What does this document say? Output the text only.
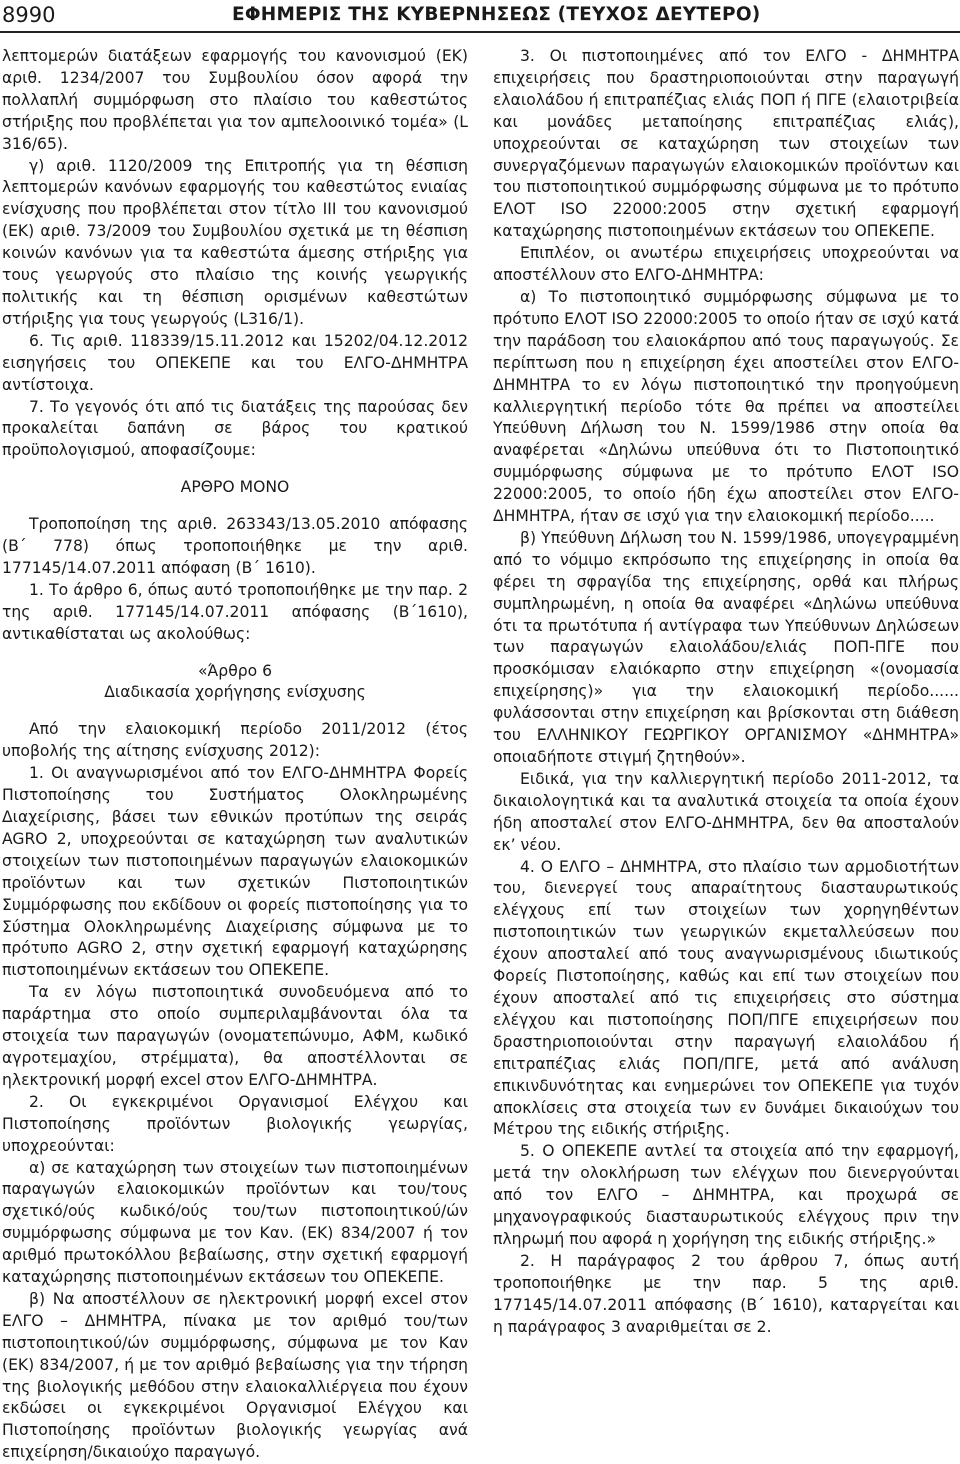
8990	ΕΦΗΜΕΡΙΣ ΤΗΣ ΚΥΒΕΡΝΗΣΕΩΣ (ΤΕΥΧΟΣ ΔΕΥΤΕΡΟ)

λεπτομερών διατάξεων εφαρμογής του κανονισμού (ΕΚ) αριθ. 1234/2007 του Συμβουλίου όσον αφορά την πολλαπλή συμμόρφωση στο πλαίσιο του καθεστώτος στήριξης που προβλέπεται για τον αμπελοοινικό τομέα» (L 316/65).

γ) αριθ. 1120/2009 της Επιτροπής για τη θέσπιση λεπτομερών κανόνων εφαρμογής του καθεστώτος ενιαίας ενίσχυσης που προβλέπεται στον τίτλο III του κανονισμού (ΕΚ) αριθ. 73/2009 του Συμβουλίου σχετικά με τη θέσπιση κοινών κανόνων για τα καθεστώτα άμεσης στήριξης για τους γεωργούς στο πλαίσιο της κοινής γεωργικής πολιτικής και τη θέσπιση ορισμένων καθεστώτων στήριξης για τους γεωργούς (L316/1).

6. Τις αριθ. 118339/15.11.2012 και 15202/04.12.2012 εισηγήσεις του ΟΠΕΚΕΠΕ και του ΕΛΓΟ-ΔΗΜΗΤΡΑ αντίστοιχα.

7. Το γεγονός ότι από τις διατάξεις της παρούσας δεν προκαλείται δαπάνη σε βάρος του κρατικού προϋπολογισμού, αποφασίζουμε:

ΑΡΘΡΟ ΜΟΝΟ

Τροποποίηση της αριθ. 263343/13.05.2010 απόφασης (Β΄ 778) όπως τροποποιήθηκε με την αριθ. 177145/14.07.2011 απόφαση (Β΄ 1610).

1. Το άρθρο 6, όπως αυτό τροποποιήθηκε με την παρ. 2 της αριθ. 177145/14.07.2011 απόφασης (Β΄1610), αντικαθίσταται ως ακολούθως:

«Άρθρο 6

Διαδικασία χορήγησης ενίσχυσης

Από την ελαιοκομική περίοδο 2011/2012 (έτος υποβολής της αίτησης ενίσχυσης 2012):

1. Οι αναγνωρισμένοι από τον ΕΛΓΟ-ΔΗΜΗΤΡΑ Φορείς Πιστοποίησης του Συστήματος Ολοκληρωμένης Διαχείρισης, βάσει των εθνικών προτύπων της σειράς AGRO 2, υποχρεούνται σε καταχώρηση των αναλυτικών στοιχείων των πιστοποιημένων παραγωγών ελαιοκομικών προϊόντων και των σχετικών Πιστοποιητικών Συμμόρφωσης που εκδίδουν οι φορείς πιστοποίησης για το Σύστημα Ολοκληρωμένης Διαχείρισης σύμφωνα με το πρότυπο AGRO 2, στην σχετική εφαρμογή καταχώρησης πιστοποιημένων εκτάσεων του ΟΠΕΚΕΠΕ.

Τα εν λόγω πιστοποιητικά συνοδευόμενα από το παράρτημα στο οποίο συμπεριλαμβάνονται όλα τα στοιχεία των παραγωγών (ονοματεπώνυμο, ΑΦΜ, κωδικό αγροτεμαχίου, στρέμματα), θα αποστέλλονται σε ηλεκτρονική μορφή excel στον ΕΛΓΟ-ΔΗΜΗΤΡΑ.

2. Οι εγκεκριμένοι Οργανισμοί Ελέγχου και Πιστοποίησης προϊόντων βιολογικής γεωργίας, υποχρεούνται:

α) σε καταχώρηση των στοιχείων των πιστοποιημένων παραγωγών ελαιοκομικών προϊόντων και του/τους σχετικό/ούς κωδικό/ούς του/των πιστοποιητικού/ών συμμόρφωσης σύμφωνα με τον Καν. (ΕΚ) 834/2007 ή τον αριθμό πρωτοκόλλου βεβαίωσης, στην σχετική εφαρμογή καταχώρησης πιστοποιημένων εκτάσεων του ΟΠΕΚΕΠΕ.

β) Να αποστέλλουν σε ηλεκτρονική μορφή excel στον ΕΛΓΟ – ΔΗΜΗΤΡΑ, πίνακα με τον αριθμό του/των πιστοποιητικού/ών συμμόρφωσης, σύμφωνα με τον Καν (ΕΚ) 834/2007, ή με τον αριθμό βεβαίωσης για την τήρηση της βιολογικής μεθόδου στην ελαιοκαλλιέργεια που έχουν εκδώσει οι εγκεκριμένοι Οργανισμοί Ελέγχου και Πιστοποίησης προϊόντων βιολογικής γεωργίας ανά επιχείρηση/δικαιούχο παραγωγό.

3. Οι πιστοποιημένες από τον ΕΛΓΟ - ΔΗΜΗΤΡΑ επιχειρήσεις που δραστηριοποιούνται στην παραγωγή ελαιολάδου ή επιτραπέζιας ελιάς ΠΟΠ ή ΠΓΕ (ελαιοτριβεία και μονάδες μεταποίησης επιτραπέζιας ελιάς), υποχρεούνται σε καταχώρηση των στοιχείων των συνεργαζόμενων παραγωγών ελαιοκομικών προϊόντων και του πιστοποιητικού συμμόρφωσης σύμφωνα με το πρότυπο ΕΛΟΤ ISO 22000:2005 στην σχετική εφαρμογή καταχώρησης πιστοποιημένων εκτάσεων του ΟΠΕΚΕΠΕ.

Επιπλέον, οι ανωτέρω επιχειρήσεις υποχρεούνται να αποστέλλουν στο ΕΛΓΟ-ΔΗΜΗΤΡΑ:

α) Το πιστοποιητικό συμμόρφωσης σύμφωνα με το πρότυπο ΕΛΟΤ ISO 22000:2005 το οποίο ήταν σε ισχύ κατά την παράδοση του ελαιοκάρπου από τους παραγωγούς. Σε περίπτωση που η επιχείρηση έχει αποστείλει στον ΕΛΓΟ-ΔΗΜΗΤΡΑ το εν λόγω πιστοποιητικό την προηγούμενη καλλιεργητική περίοδο τότε θα πρέπει να αποστείλει Υπεύθυνη Δήλωση του Ν. 1599/1986 στην οποία θα αναφέρεται «Δηλώνω υπεύθυνα ότι το Πιστοποιητικό συμμόρφωσης σύμφωνα με το πρότυπο ΕΛΟΤ ISO 22000:2005, το οποίο ήδη έχω αποστείλει στον ΕΛΓΟ- ΔΗΜΗΤΡΑ, ήταν σε ισχύ για την ελαιοκομική περίοδο.....

β) Υπεύθυνη Δήλωση του Ν. 1599/1986, υπογεγραμμένη από το νόμιμο εκπρόσωπο της επιχείρησης in οποία θα φέρει τη σφραγίδα της επιχείρησης, ορθά και πλήρως συμπληρωμένη, η οποία θα αναφέρει «Δηλώνω υπεύθυνα ότι τα πρωτότυπα ή αντίγραφα των Υπεύθυνων Δηλώσεων των παραγωγών ελαιολάδου/ελιάς ΠΟΠ-ΠΓΕ που προσκόμισαν ελαιόκαρπο στην επιχείρηση «(ονομασία επιχείρησης)» για την ελαιοκομική περίοδο...... φυλάσσονται στην επιχείρηση και βρίσκονται στη διάθεση του ΕΛΛΗΝΙΚΟΥ ΓΕΩΡΓΙΚΟΥ ΟΡΓΑΝΙΣΜΟΥ «ΔΗΜΗΤΡΑ» οποιαδήποτε στιγμή ζητηθούν».

Ειδικά, για την καλλιεργητική περίοδο 2011-2012, τα δικαιολογητικά και τα αναλυτικά στοιχεία τα οποία έχουν ήδη αποσταλεί στον ΕΛΓΟ-ΔΗΜΗΤΡΑ, δεν θα αποσταλούν εκ’ νέου.

4. Ο ΕΛΓΟ – ΔΗΜΗΤΡΑ, στο πλαίσιο των αρμοδιοτήτων του, διενεργεί τους απαραίτητους διασταυρωτικούς ελέγχους επί των στοιχείων των χορηγηθέντων πιστοποιητικών των γεωργικών εκμεταλλεύσεων που έχουν αποσταλεί από τους αναγνωρισμένους ιδιωτικούς Φορείς Πιστοποίησης, καθώς και επί των στοιχείων που έχουν αποσταλεί από τις επιχειρήσεις στο σύστημα ελέγχου και πιστοποίησης ΠΟΠ/ΠΓΕ επιχειρήσεων που δραστηριοποιούνται στην παραγωγή ελαιολάδου ή επιτραπέζιας ελιάς ΠΟΠ/ΠΓΕ, μετά από ανάλυση επικινδυνότητας και ενημερώνει τον ΟΠΕΚΕΠΕ για τυχόν αποκλίσεις στα στοιχεία των εν δυνάμει δικαιούχων του Μέτρου της ειδικής στήριξης.

5. Ο ΟΠΕΚΕΠΕ αντλεί τα στοιχεία από την εφαρμογή, μετά την ολοκλήρωση των ελέγχων που διενεργούνται από τον ΕΛΓΟ – ΔΗΜΗΤΡΑ, και προχωρά σε μηχανογραφικούς διασταυρωτικούς ελέγχους πριν την πληρωμή που αφορά η χορήγηση της ειδικής στήριξης.»

2. Η παράγραφος 2 του άρθρου 7, όπως αυτή τροποποιήθηκε με την παρ. 5 της αριθ. 177145/14.07.2011 απόφασης (Β΄ 1610), καταργείται και η παράγραφος 3 αναριθμείται σε 2.
